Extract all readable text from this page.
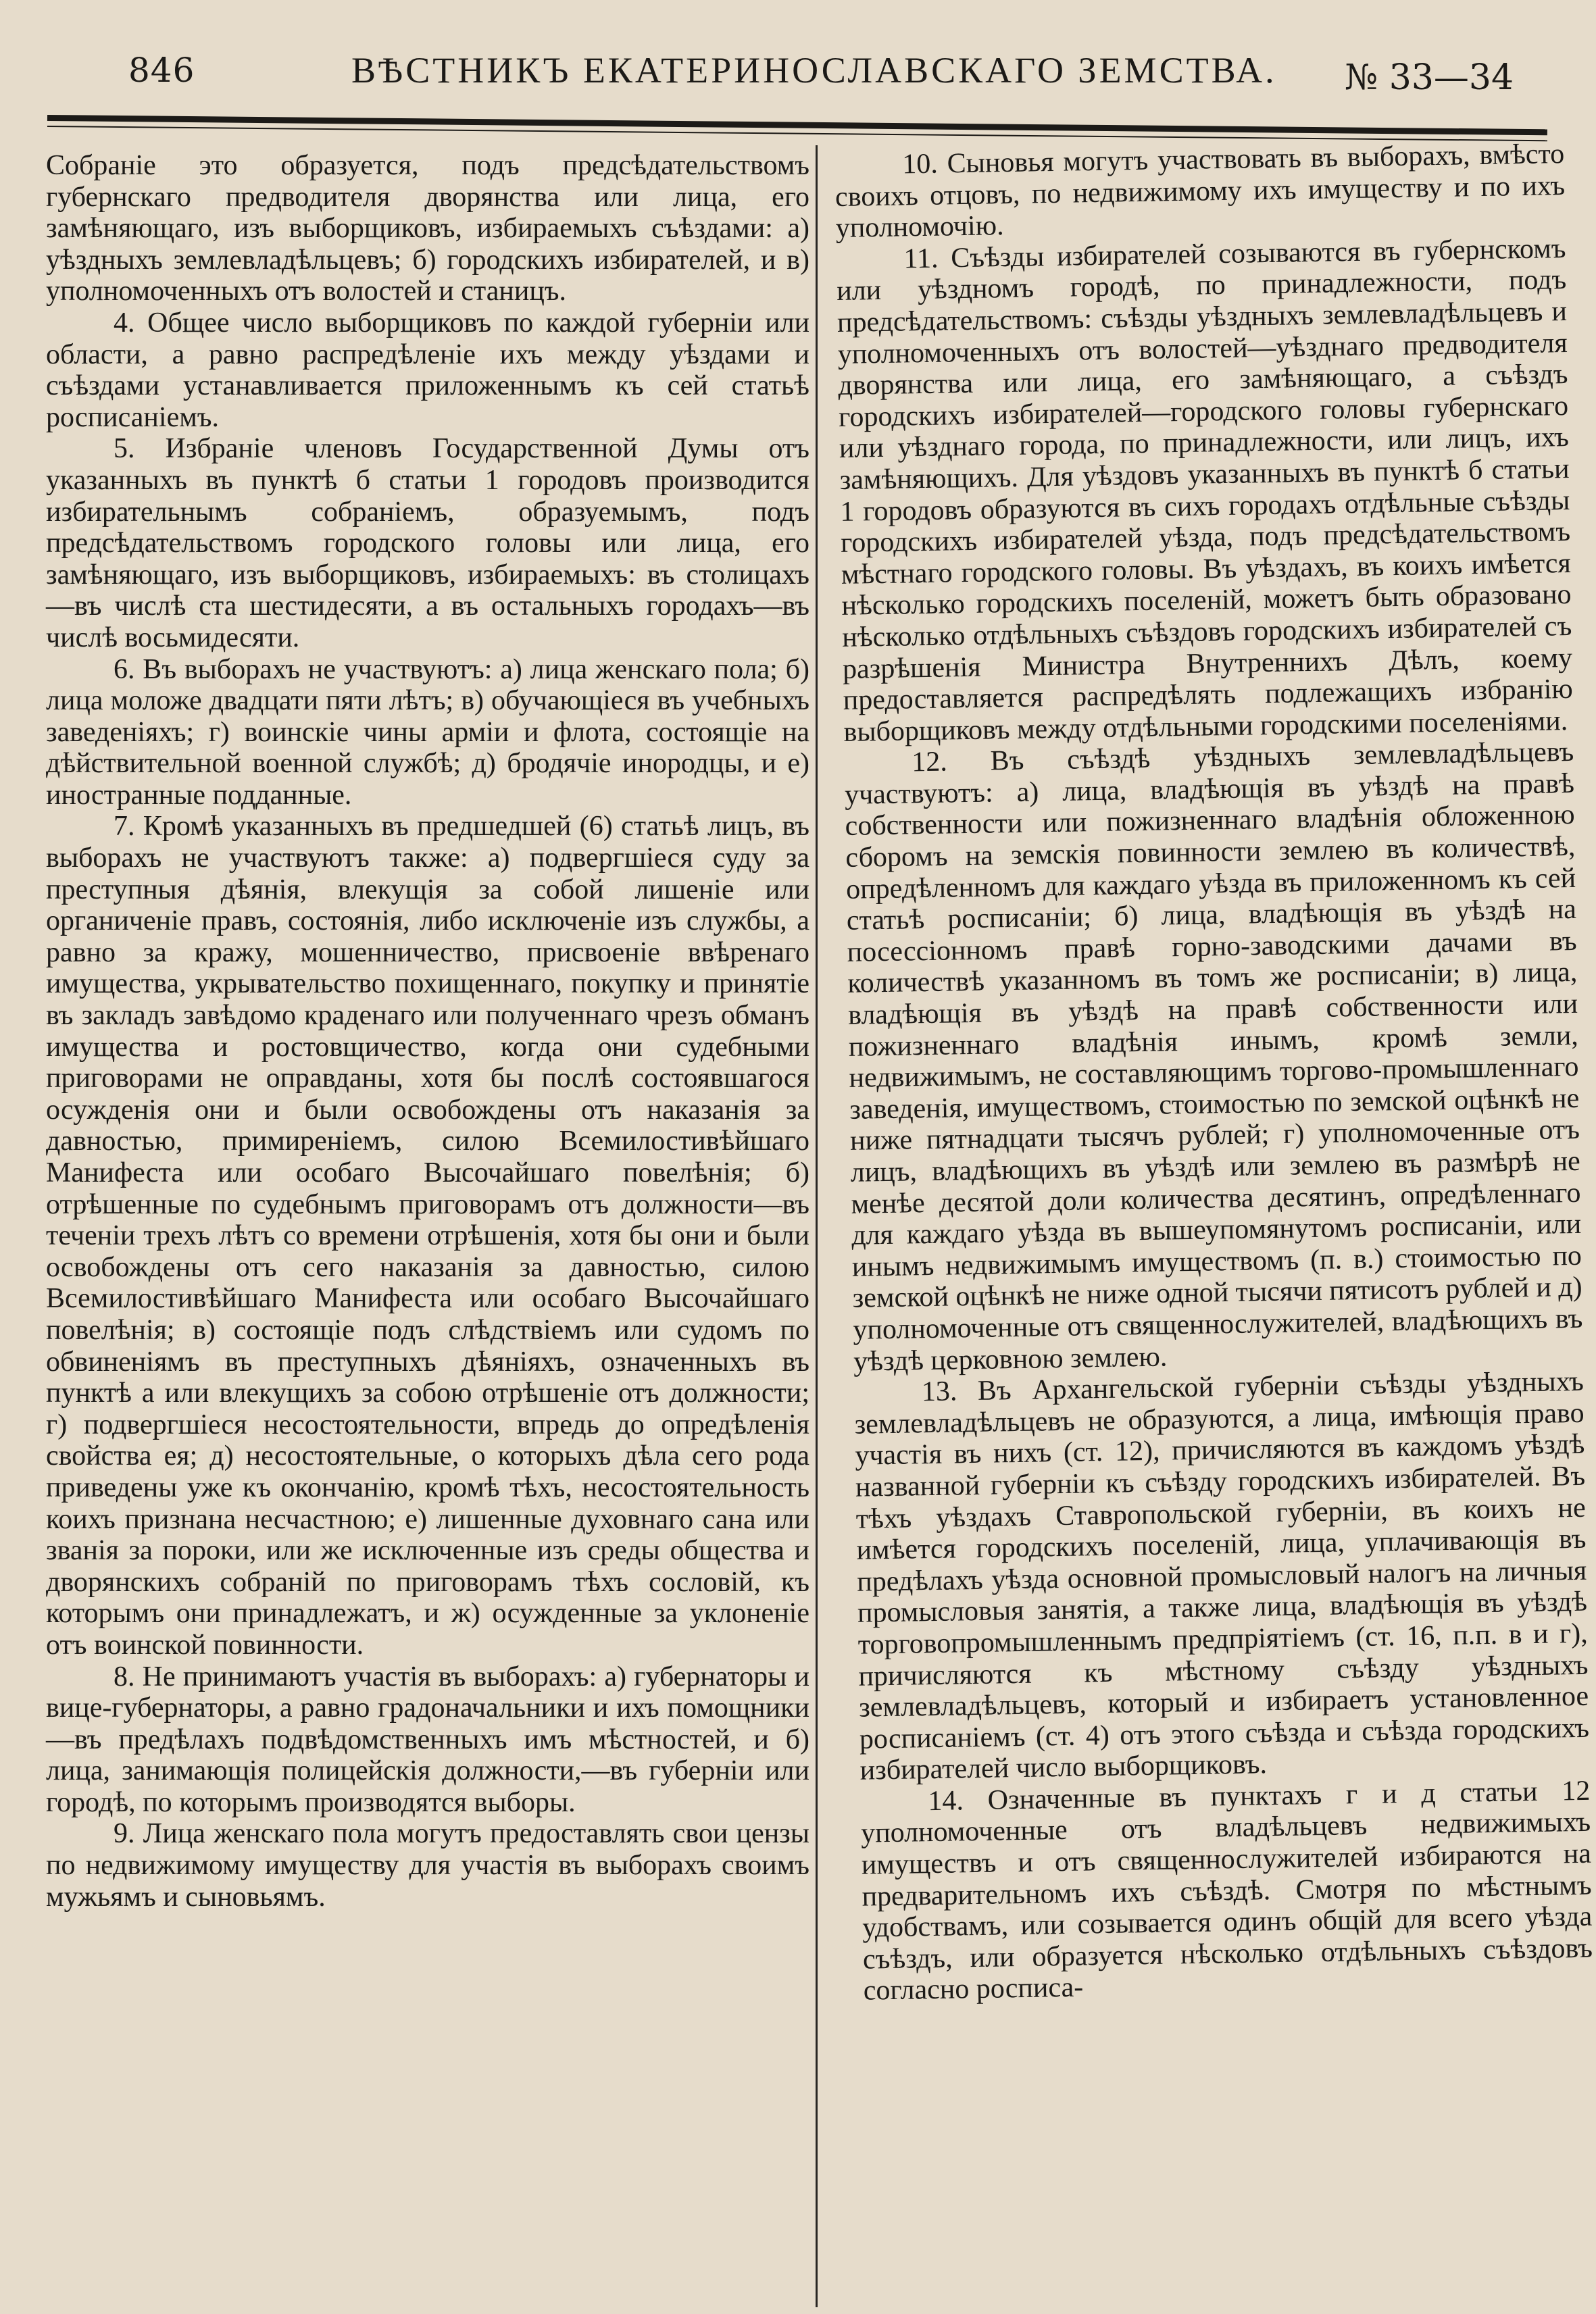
846	ВѢСТНИКЪ ЕКАТЕРИНОСЛАВСКАГО ЗЕМСТВА. № 33—34

Собраніе это образуется, подъ предсѣдательствомъ губернскаго предводителя дворянства или лица, его замѣняющаго, изъ выборщиковъ, избираемыхъ съѣздами: а) уѣздныхъ землевладѣльцевъ; б) городскихъ избирателей, и в) уполномоченныхъ отъ волостей и станицъ.

4. Общее число выборщиковъ по каждой губерніи или области, а равно распредѣленіе ихъ между уѣздами и съѣздами устанавливается приложеннымъ къ сей статьѣ росписаніемъ.

5. Избраніе членовъ Государственной Думы отъ указанныхъ въ пунктѣ б статьи 1 городовъ производится избирательнымъ собраніемъ, образуемымъ, подъ предсѣдательствомъ городского головы или лица, его замѣняющаго, изъ выборщиковъ, избираемыхъ: въ столицахъ—въ числѣ ста шестидесяти, а въ остальныхъ городахъ—въ числѣ восьмидесяти.

6. Въ выборахъ не участвуютъ: а) лица женскаго пола; б) лица моложе двадцати пяти лѣтъ; в) обучающіеся въ учебныхъ заведеніяхъ; г) воинскіе чины арміи и флота, состоящіе на дѣйствительной военной службѣ; д) бродячіе инородцы, и е) иностранные подданные.

7. Кромѣ указанныхъ въ предшедшей (6) статьѣ лицъ, въ выборахъ не участвуютъ также: а) подвергшіеся суду за преступныя дѣянія, влекущія за собой лишеніе или органиченіе правъ, состоянія, либо исключеніе изъ службы, а равно за кражу, мошенничество, присвоеніе ввѣренаго имущества, укрывательство похищеннаго, покупку и принятіе въ закладъ завѣдомо краденаго или полученнаго чрезъ обманъ имущества и ростовщичество, когда они судебными приговорами не оправданы, хотя бы послѣ состоявшагося осужденія они и были освобождены отъ наказанія за давностью, примиреніемъ, силою Всемилостивѣйшаго Манифеста или особаго Высочайшаго повелѣнія; б) отрѣшенные по судебнымъ приговорамъ отъ должности—въ теченіи трехъ лѣтъ со времени отрѣшенія, хотя бы они и были освобождены отъ сего наказанія за давностью, силою Всемилостивѣйшаго Манифеста или особаго Высочайшаго повелѣнія; в) состоящіе подъ слѣдствіемъ или судомъ по обвиненіямъ въ преступныхъ дѣяніяхъ, означенныхъ въ пунктѣ а или влекущихъ за собою отрѣшеніе отъ должности; г) подвергшіеся несостоятельности, впредь до опредѣленія свойства ея; д) несостоятельные, о которыхъ дѣла сего рода приведены уже къ окончанію, кромѣ тѣхъ, несостоятельность коихъ признана несчастною; е) лишенные духовнаго сана или званія за пороки, или же исключенные изъ среды общества и дворянскихъ собраній по приговорамъ тѣхъ сословій, къ которымъ они принадлежатъ, и ж) осужденные за уклоненіе отъ воинской повинности.

8. Не принимаютъ участія въ выборахъ: а) губернаторы и вице-губернаторы, а равно градоначальники и ихъ помощники—въ предѣлахъ подвѣдомственныхъ имъ мѣстностей, и б) лица, занимающія полицейскія должности,—въ губерніи или городѣ, по которымъ производятся выборы.

9. Лица женскаго пола могутъ предоставлять свои цензы по недвижимому имуществу для участія въ выборахъ своимъ мужьямъ и сыновьямъ.

10. Сыновья могутъ участвовать въ выборахъ, вмѣсто своихъ отцовъ, по недвижимому ихъ имуществу и по ихъ уполномочію.

11. Съѣзды избирателей созываются въ губернскомъ или уѣздномъ городѣ, по принадлежности, подъ предсѣдательствомъ: съѣзды уѣздныхъ землевладѣльцевъ и уполномоченныхъ отъ волостей—уѣзднаго предводителя дворянства или лица, его замѣняющаго, а съѣздъ городскихъ избирателей—городского головы губернскаго или уѣзднаго города, по принадлежности, или лицъ, ихъ замѣняющихъ. Для уѣздовъ указанныхъ въ пунктѣ б статьи 1 городовъ образуются въ сихъ городахъ отдѣльные съѣзды городскихъ избирателей уѣзда, подъ предсѣдательствомъ мѣстнаго городского головы. Въ уѣздахъ, въ коихъ имѣется нѣсколько городскихъ поселеній, можетъ быть образовано нѣсколько отдѣльныхъ съѣздовъ городскихъ избирателей съ разрѣшенія Министра Внутреннихъ Дѣлъ, коему предоставляется распредѣлять подлежащихъ избранію выборщиковъ между отдѣльными городскими поселеніями.

12. Въ съѣздѣ уѣздныхъ землевладѣльцевъ участвуютъ: а) лица, владѣющія въ уѣздѣ на правѣ собственности или пожизненнаго владѣнія обложенною сборомъ на земскія повинности землею въ количествѣ, опредѣленномъ для каждаго уѣзда въ приложенномъ къ сей статьѣ росписаніи; б) лица, владѣющія въ уѣздѣ на посессіонномъ правѣ горно-заводскими дачами въ количествѣ указанномъ въ томъ же росписаніи; в) лица, владѣющія въ уѣздѣ на правѣ собственности или пожизненнаго владѣнія инымъ, кромѣ земли, недвижимымъ, не составляющимъ торгово-промышленнаго заведенія, имуществомъ, стоимостью по земской оцѣнкѣ не ниже пятнадцати тысячъ рублей; г) уполномоченные отъ лицъ, владѣющихъ въ уѣздѣ или землею въ размѣрѣ не менѣе десятой доли количества десятинъ, опредѣленнаго для каждаго уѣзда въ вышеупомянутомъ росписаніи, или инымъ недвижимымъ имуществомъ (п. в.) стоимостью по земской оцѣнкѣ не ниже одной тысячи пятисотъ рублей и д) уполномоченные отъ священнослужителей, владѣющихъ въ уѣздѣ церковною землею.

13. Въ Архангельской губерніи съѣзды уѣздныхъ землевладѣльцевъ не образуются, а лица, имѣющія право участія въ нихъ (ст. 12), причисляются въ каждомъ уѣздѣ названной губерніи къ съѣзду городскихъ избирателей. Въ тѣхъ уѣздахъ Ставропольской губерніи, въ коихъ не имѣется городскихъ поселеній, лица, уплачивающія въ предѣлахъ уѣзда основной промысловый налогъ на личныя промысловыя занятія, а также лица, владѣющія въ уѣздѣ торговопромышленнымъ предпріятіемъ (ст. 16, п.п. в и г), причисляются къ мѣстному съѣзду уѣздныхъ землевладѣльцевъ, который и избираетъ установленное росписаніемъ (ст. 4) отъ этого съѣзда и съѣзда городскихъ избирателей число выборщиковъ.

14. Означенные въ пунктахъ г и д статьи 12 уполномоченные отъ владѣльцевъ недвижимыхъ имуществъ и отъ священнослужителей избираются на предварительномъ ихъ съѣздѣ. Смотря по мѣстнымъ удобствамъ, или созывается одинъ общій для всего уѣзда съѣздъ, или образуется нѣсколько отдѣльныхъ съѣздовъ согласно росписа-
